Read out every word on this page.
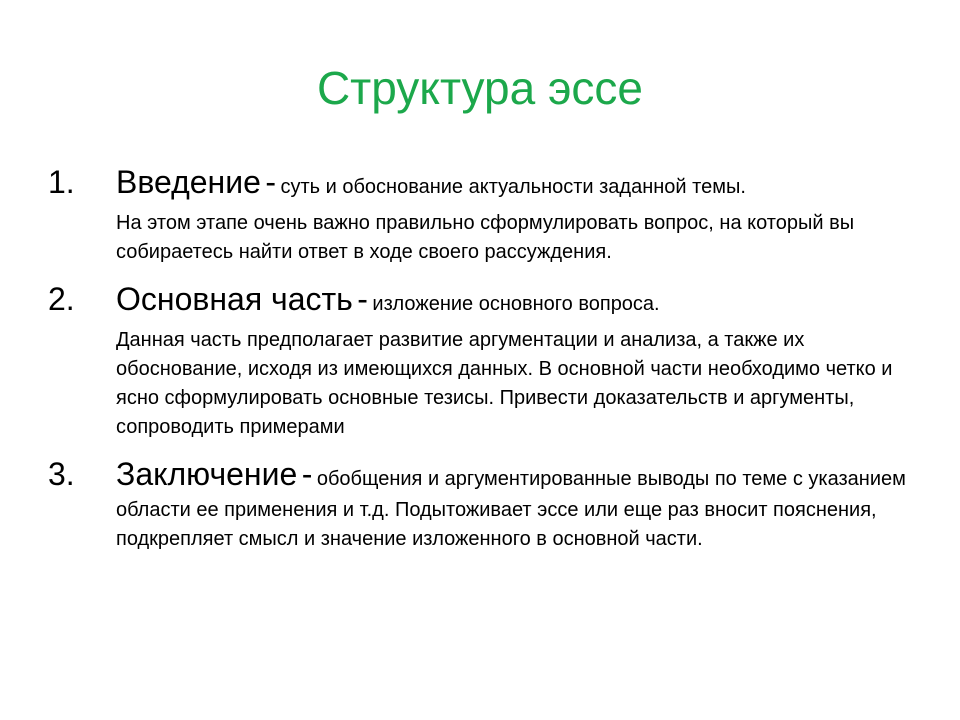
Структура эссе
1. Введение - суть и обоснование актуальности заданной темы.
На этом этапе очень важно правильно сформулировать вопрос, на который вы собираетесь найти ответ в ходе своего рассуждения.
2. Основная часть - изложение основного вопроса.
Данная часть предполагает развитие аргументации и анализа, а также их обоснование, исходя из имеющихся данных. В основной части необходимо четко и ясно сформулировать основные тезисы. Привести доказательств и аргументы, сопроводить примерами
3. Заключение - обобщения и аргументированные выводы по теме с указанием области ее применения и т.д. Подытоживает эссе или еще раз вносит пояснения, подкрепляет смысл и значение изложенного в основной части.
